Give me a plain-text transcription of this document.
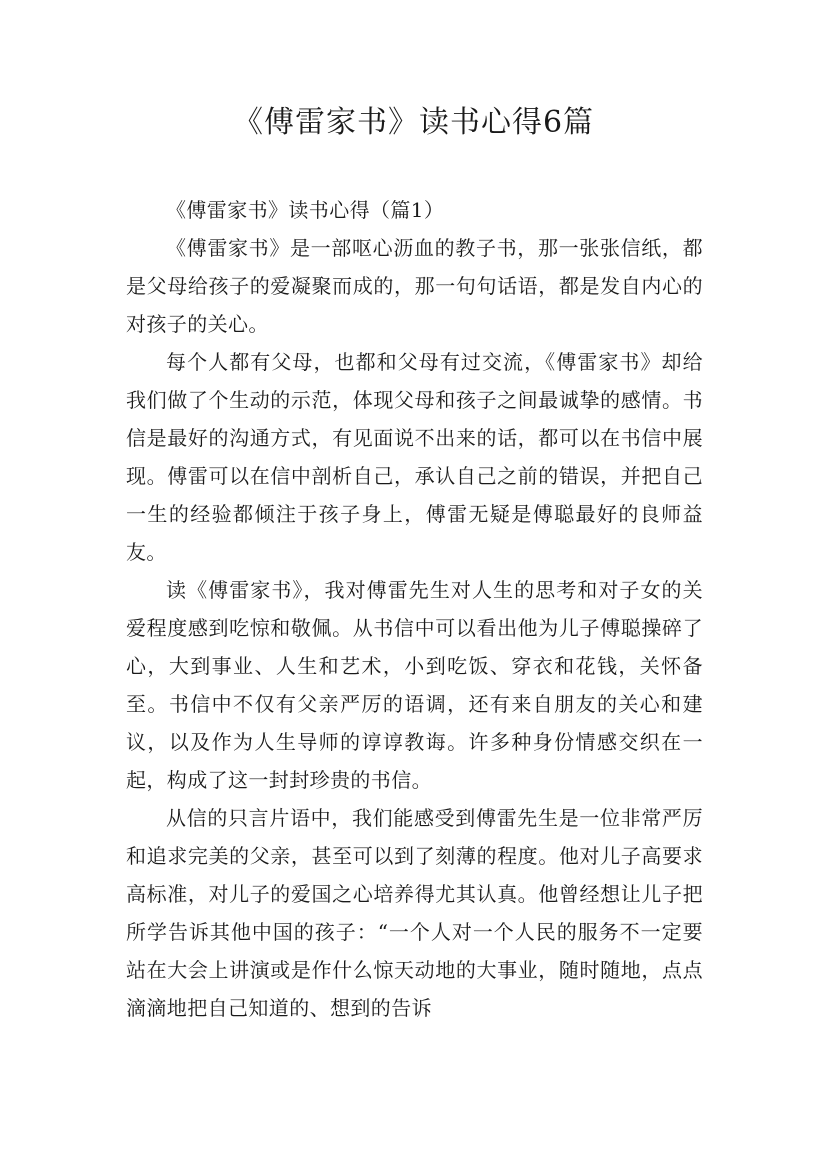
《傅雷家书》读书心得6篇

《傅雷家书》读书心得（篇1）

《傅雷家书》是一部呕心沥血的教子书，那一张张信纸，都是父母给孩子的爱凝聚而成的，那一句句话语，都是发自内心的对孩子的关心。

每个人都有父母，也都和父母有过交流，《傅雷家书》却给我们做了个生动的示范，体现父母和孩子之间最诚挚的感情。书信是最好的沟通方式，有见面说不出来的话，都可以在书信中展现。傅雷可以在信中剖析自己，承认自己之前的错误，并把自己一生的经验都倾注于孩子身上，傅雷无疑是傅聪最好的良师益友。

读《傅雷家书》，我对傅雷先生对人生的思考和对子女的关爱程度感到吃惊和敬佩。从书信中可以看出他为儿子傅聪操碎了心，大到事业、人生和艺术，小到吃饭、穿衣和花钱，关怀备至。书信中不仅有父亲严厉的语调，还有来自朋友的关心和建议，以及作为人生导师的谆谆教诲。许多种身份情感交织在一起，构成了这一封封珍贵的书信。

从信的只言片语中，我们能感受到傅雷先生是一位非常严厉和追求完美的父亲，甚至可以到了刻薄的程度。他对儿子高要求高标准，对儿子的爱国之心培养得尤其认真。他曾经想让儿子把所学告诉其他中国的孩子：“一个人对一个人民的服务不一定要站在大会上讲演或是作什么惊天动地的大事业，随时随地，点点滴滴地把自己知道的、想到的告诉
